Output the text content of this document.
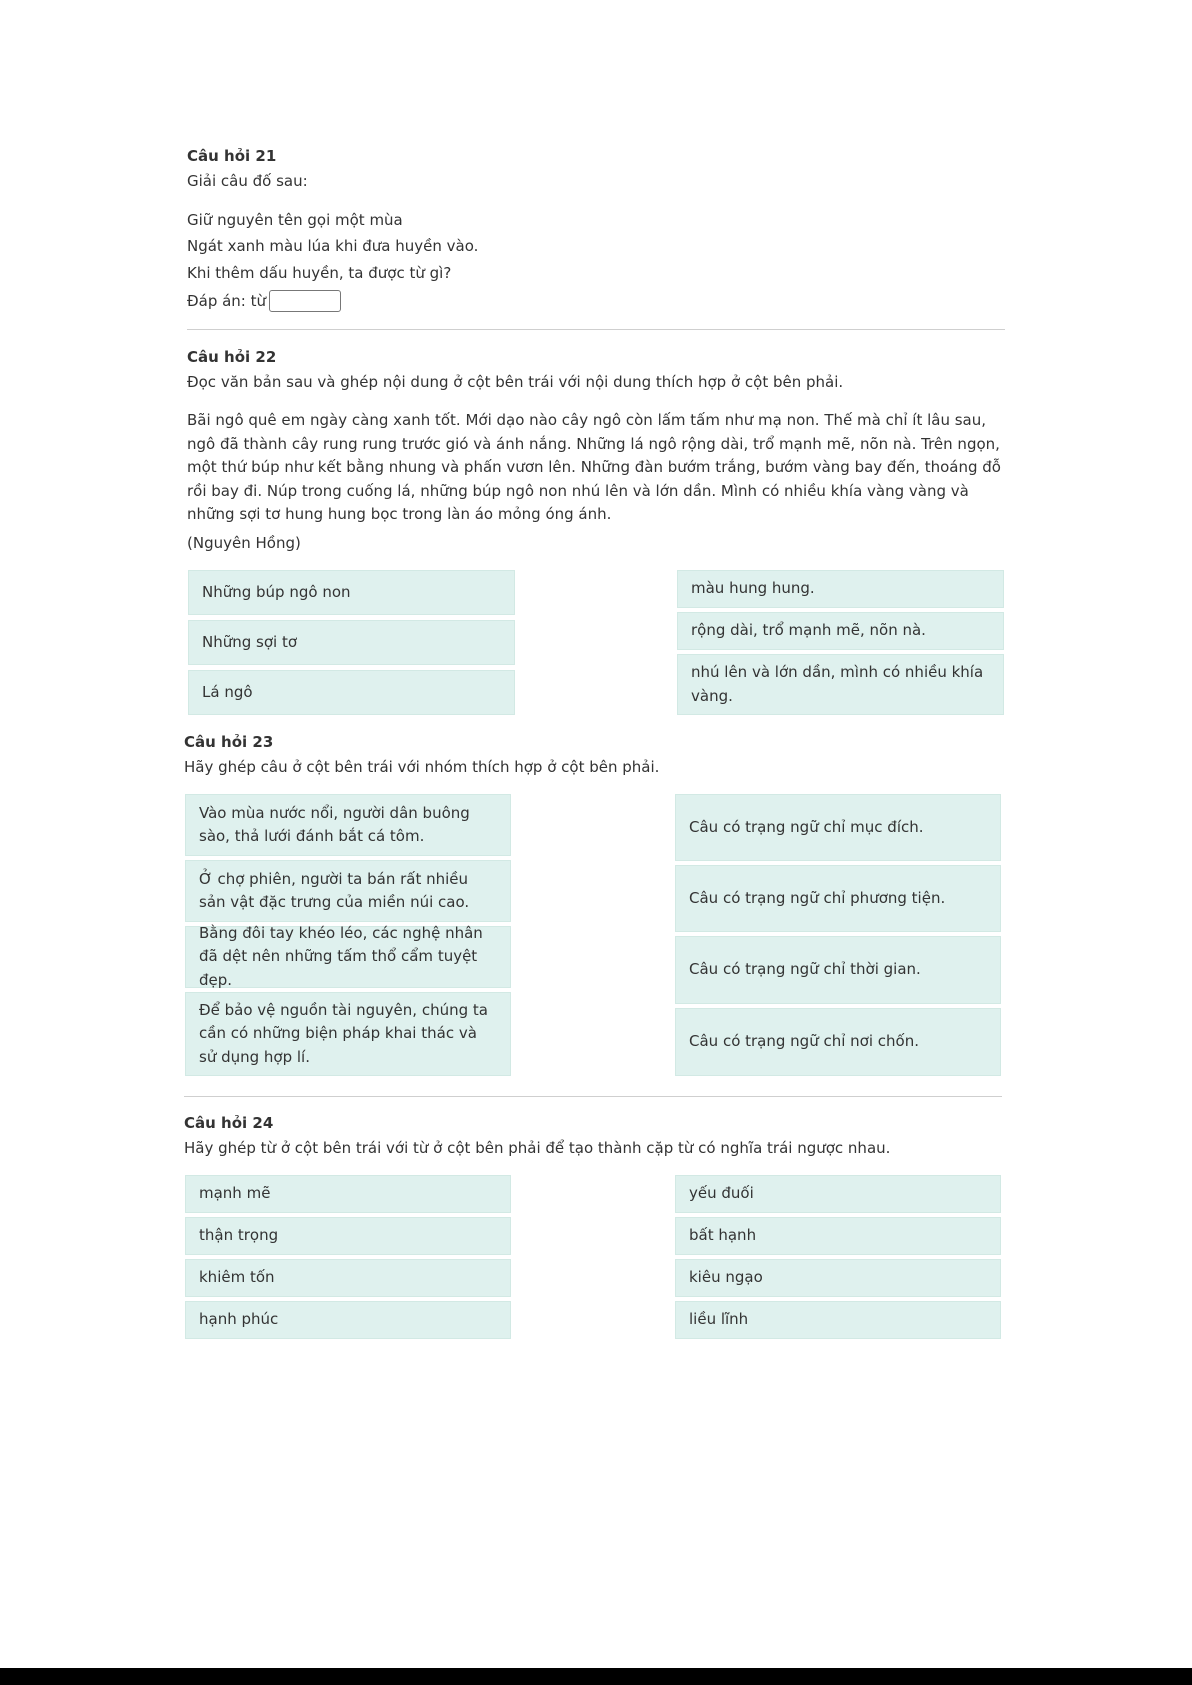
Câu hỏi 21
Giải câu đố sau:
Giữ nguyên tên gọi một mùa
Ngát xanh màu lúa khi đưa huyền vào.
Khi thêm dấu huyền, ta được từ gì?
Đáp án: từ
Câu hỏi 22
Đọc văn bản sau và ghép nội dung ở cột bên trái với nội dung thích hợp ở cột bên phải.
Bãi ngô quê em ngày càng xanh tốt. Mới dạo nào cây ngô còn lấm tấm như mạ non. Thế mà chỉ ít lâu sau, ngô đã thành cây rung rung trước gió và ánh nắng. Những lá ngô rộng dài, trổ mạnh mẽ, nõn nà. Trên ngọn, một thứ búp như kết bằng nhung và phấn vươn lên. Những đàn bướm trắng, bướm vàng bay đến, thoáng đỗ rồi bay đi. Núp trong cuống lá, những búp ngô non nhú lên và lớn dần. Mình có nhiều khía vàng vàng và những sợi tơ hung hung bọc trong làn áo mỏng óng ánh.
(Nguyên Hồng)
Những búp ngô non
Những sợi tơ
Lá ngô
màu hung hung.
rộng dài, trổ mạnh mẽ, nõn nà.
nhú lên và lớn dần, mình có nhiều khía vàng.
Câu hỏi 23
Hãy ghép câu ở cột bên trái với nhóm thích hợp ở cột bên phải.
Vào mùa nước nổi, người dân buông sào, thả lưới đánh bắt cá tôm.
Ở chợ phiên, người ta bán rất nhiều sản vật đặc trưng của miền núi cao.
Bằng đôi tay khéo léo, các nghệ nhân đã dệt nên những tấm thổ cẩm tuyệt đẹp.
Để bảo vệ nguồn tài nguyên, chúng ta cần có những biện pháp khai thác và sử dụng hợp lí.
Câu có trạng ngữ chỉ mục đích.
Câu có trạng ngữ chỉ phương tiện.
Câu có trạng ngữ chỉ thời gian.
Câu có trạng ngữ chỉ nơi chốn.
Câu hỏi 24
Hãy ghép từ ở cột bên trái với từ ở cột bên phải để tạo thành cặp từ có nghĩa trái ngược nhau.
mạnh mẽ
thận trọng
khiêm tốn
hạnh phúc
yếu đuối
bất hạnh
kiêu ngạo
liều lĩnh
